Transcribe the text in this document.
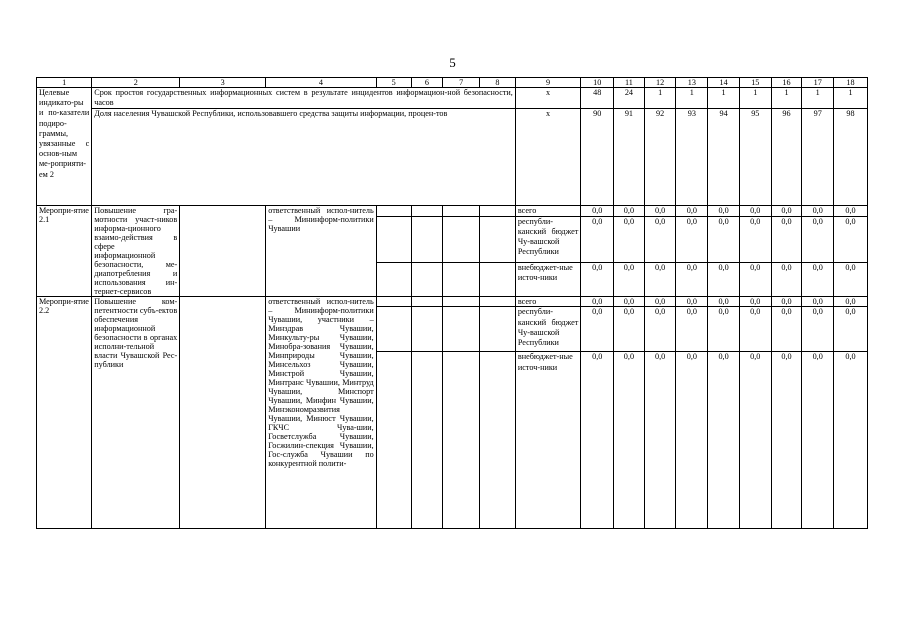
5
1	2	3	4	5	6	7	8	9	10	11	12	13	14	15	16	17	18
Целевые индикато-ры и по-казатели подиро-граммы, увязанные с основ-ным ме-роприяти-ем 2	Срок простоя государственных информационных систем в результате инцидентов информацион-ной безопасности, часов							x	48	24	1	1	1	1	1	1	1
	Доля населения Чувашской Республики, использовавшего средства защиты информации, процен-тов							x	90	91	92	93	94	95	96	97	98
Меропри-ятие 2.1	Повышение гра-мотности участ-ников информа-ционного взаимо-действия в сфере информационной безопасности, ме-диапотребления и использования ин-тернет-сервисов		ответственный испол-нитель – Мининформ-политики Чувашии					всего	0,0	0,0	0,0	0,0	0,0	0,0	0,0	0,0	0,0
								республи-канский бюджет Чу-вашской Республики	0,0	0,0	0,0	0,0	0,0	0,0	0,0	0,0	0,0
								внебюджет-ные источ-ники	0,0	0,0	0,0	0,0	0,0	0,0	0,0	0,0	0,0
Меропри-ятие 2.2	Повышение ком-петентности субъ-ектов обеспечения информационной безопасности в органах исполни-тельной власти Чувашской Рес-публики		ответственный испол-нитель – Мининформ-политики Чувашии, участники – Минздрав Чувашии, Минкульту-ры Чувашии, Минобра-зования Чувашии, Минприроды Чувашии, Минсельхоз Чувашии, Минстрой Чувашии, Минтранс Чувашии, Минтруд Чувашии, Минспорт Чувашии, Минфин Чувашии, Минэкономразвития Чувашии, Минюст Чувашии, ГКЧС Чува-шии, Госветслужба Чувашии, Госжилин-спекция Чувашии, Гос-служба Чувашии по конкурентной полити-					всего	0,0	0,0	0,0	0,0	0,0	0,0	0,0	0,0	0,0
								республи-канский бюджет Чу-вашской Республики	0,0	0,0	0,0	0,0	0,0	0,0	0,0	0,0	0,0
								внебюджет-ные источ-ники	0,0	0,0	0,0	0,0	0,0	0,0	0,0	0,0	0,0
